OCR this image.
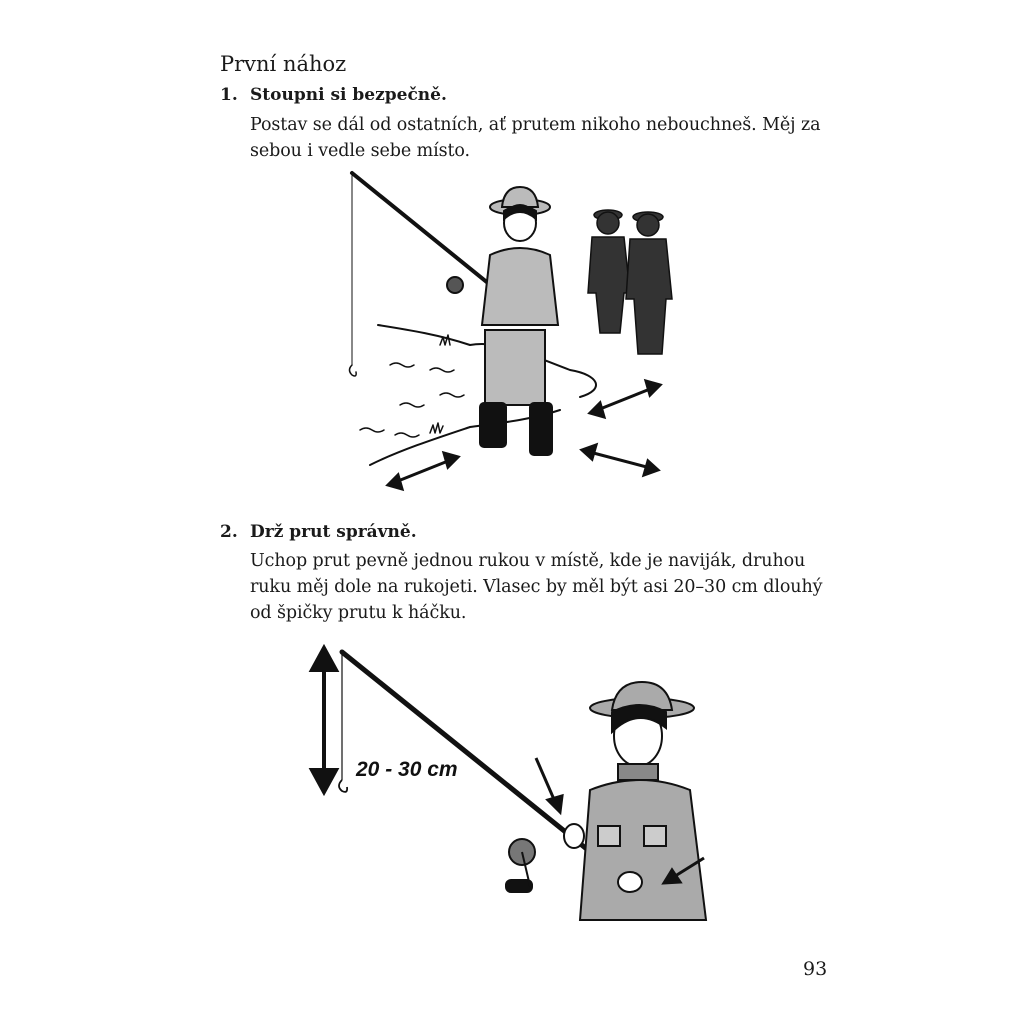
První nához
1. Stoupni si bezpečně.
Postav se dál od ostatních, ať prutem nikoho nebouchneš. Měj za
sebou i vedle sebe místo.
2. Drž prut správně.
Uchop prut pevně jednou rukou v místě, kde je naviják, druhou
ruku měj dole na rukojeti. Vlasec by měl být asi 20–30 cm dlouhý
od špičky prutu k háčku.
20 - 30 cm
93
